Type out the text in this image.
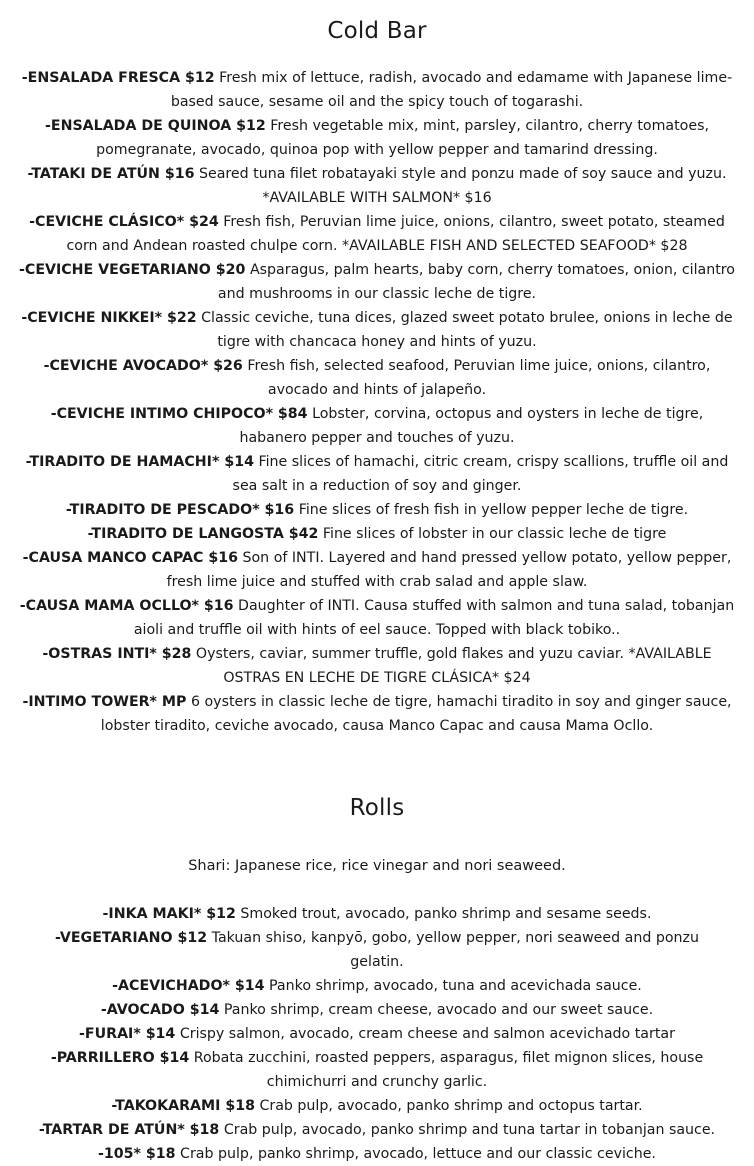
Cold Bar

-ENSALADA FRESCA $12 Fresh mix of lettuce, radish, avocado and edamame with Japanese lime-based sauce, sesame oil and the spicy touch of togarashi.

-ENSALADA DE QUINOA $12 Fresh vegetable mix, mint, parsley, cilantro, cherry tomatoes, pomegranate, avocado, quinoa pop with yellow pepper and tamarind dressing.

-TATAKI DE ATÚN $16 Seared tuna filet robatayaki style and ponzu made of soy sauce and yuzu. *AVAILABLE WITH SALMON* $16

-CEVICHE CLÁSICO* $24 Fresh fish, Peruvian lime juice, onions, cilantro, sweet potato, steamed corn and Andean roasted chulpe corn. *AVAILABLE FISH AND SELECTED SEAFOOD* $28

-CEVICHE VEGETARIANO $20 Asparagus, palm hearts, baby corn, cherry tomatoes, onion, cilantro and mushrooms in our classic leche de tigre.

-CEVICHE NIKKEI* $22 Classic ceviche, tuna dices, glazed sweet potato brulee, onions in leche de tigre with chancaca honey and hints of yuzu.

-CEVICHE AVOCADO* $26 Fresh fish, selected seafood, Peruvian lime juice, onions, cilantro, avocado and hints of jalapeño.

-CEVICHE INTIMO CHIPOCO* $84 Lobster, corvina, octopus and oysters in leche de tigre, habanero pepper and touches of yuzu.

-TIRADITO DE HAMACHI* $14 Fine slices of hamachi, citric cream, crispy scallions, truffle oil and sea salt in a reduction of soy and ginger.

-TIRADITO DE PESCADO* $16 Fine slices of fresh fish in yellow pepper leche de tigre.

-TIRADITO DE LANGOSTA $42 Fine slices of lobster in our classic leche de tigre

-CAUSA MANCO CAPAC $16 Son of INTI. Layered and hand pressed yellow potato, yellow pepper, fresh lime juice and stuffed with crab salad and apple slaw.

-CAUSA MAMA OCLLO* $16 Daughter of INTI. Causa stuffed with salmon and tuna salad, tobanjan aioli and truffle oil with hints of eel sauce. Topped with black tobiko..

-OSTRAS INTI* $28 Oysters, caviar, summer truffle, gold flakes and yuzu caviar. *AVAILABLE OSTRAS EN LECHE DE TIGRE CLÁSICA* $24

-INTIMO TOWER* MP 6 oysters in classic leche de tigre, hamachi tiradito in soy and ginger sauce, lobster tiradito, ceviche avocado, causa Manco Capac and causa Mama Ocllo.

Rolls

Shari: Japanese rice, rice vinegar and nori seaweed.

-INKA MAKI* $12 Smoked trout, avocado, panko shrimp and sesame seeds.

-VEGETARIANO $12 Takuan shiso, kanpyō, gobo, yellow pepper, nori seaweed and ponzu gelatin.

-ACEVICHADO* $14 Panko shrimp, avocado, tuna and acevichada sauce.

-AVOCADO $14 Panko shrimp, cream cheese, avocado and our sweet sauce.

-FURAI* $14 Crispy salmon, avocado, cream cheese and salmon acevichado tartar

-PARRILLERO $14 Robata zucchini, roasted peppers, asparagus, filet mignon slices, house chimichurri and crunchy garlic.

-TAKOKARAMI $18 Crab pulp, avocado, panko shrimp and octopus tartar.

-TARTAR DE ATÚN* $18 Crab pulp, avocado, panko shrimp and tuna tartar in tobanjan sauce.

-105* $18 Crab pulp, panko shrimp, avocado, lettuce and our classic ceviche.
